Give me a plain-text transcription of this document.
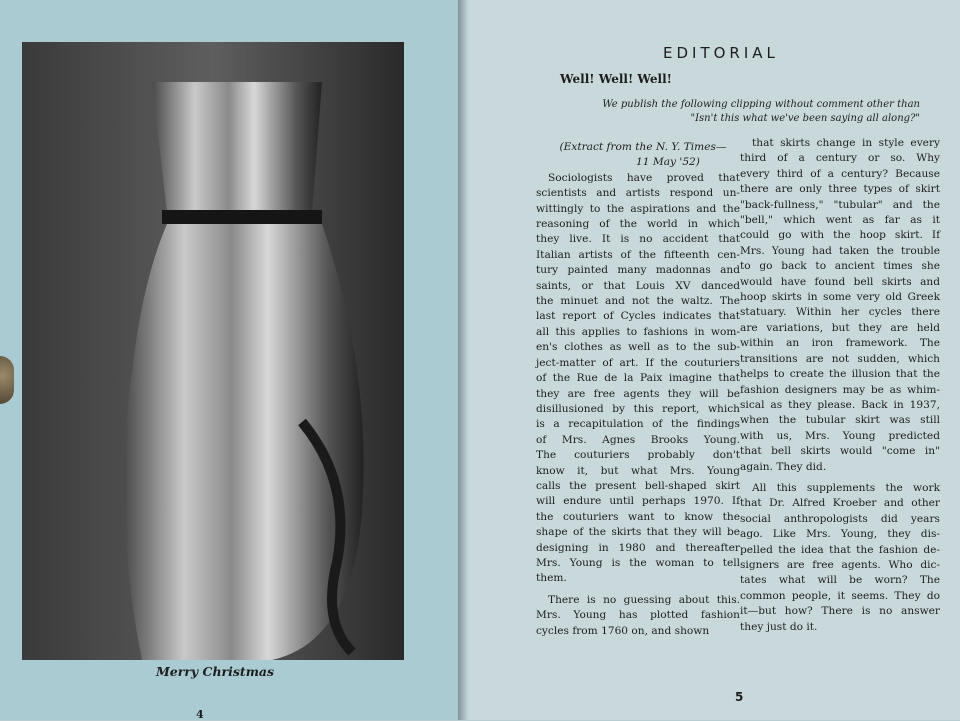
Merry Christmas
4
EDITORIAL
Well! Well! Well!
We publish the following clipping without comment other than
"Isn't this what we've been saying all along?"

(Extract from the N. Y. Times—

11 May '52)

Sociologists have proved that
scientists and artists respond un-
wittingly to the aspirations and the
reasoning of the world in which
they live. It is no accident that
Italian artists of the fifteenth cen-
tury painted many madonnas and
saints, or that Louis XV danced
the minuet and not the waltz. The
last report of Cycles indicates that
all this applies to fashions in wom-
en's clothes as well as to the sub-
ject-matter of art. If the couturiers
of the Rue de la Paix imagine that
they are free agents they will be
disillusioned by this report, which
is a recapitulation of the findings
of Mrs. Agnes Brooks Young.
The couturiers probably don't
know it, but what Mrs. Young
calls the present bell-shaped skirt
will endure until perhaps 1970. If
the couturiers want to know the
shape of the skirts that they will be
designing in 1980 and thereafter
Mrs. Young is the woman to tell
them.
There is no guessing about this.
Mrs. Young has plotted fashion
cycles from 1760 on, and shown
that skirts change in style every
third of a century or so. Why
every third of a century? Because
there are only three types of skirt
"back-fullness," "tubular" and the
"bell," which went as far as it
could go with the hoop skirt. If
Mrs. Young had taken the trouble
to go back to ancient times she
would have found bell skirts and
hoop skirts in some very old Greek
statuary. Within her cycles there
are variations, but they are held
within an iron framework. The
transitions are not sudden, which
helps to create the illusion that the
fashion designers may be as whim-
sical as they please. Back in 1937,
when the tubular skirt was still
with us, Mrs. Young predicted
that bell skirts would "come in"
again. They did.
All this supplements the work
that Dr. Alfred Kroeber and other
social anthropologists did years
ago. Like Mrs. Young, they dis-
pelled the idea that the fashion de-
signers are free agents. Who dic-
tates what will be worn? The
common people, it seems. They do
it—but how? There is no answer
they just do it.
5
